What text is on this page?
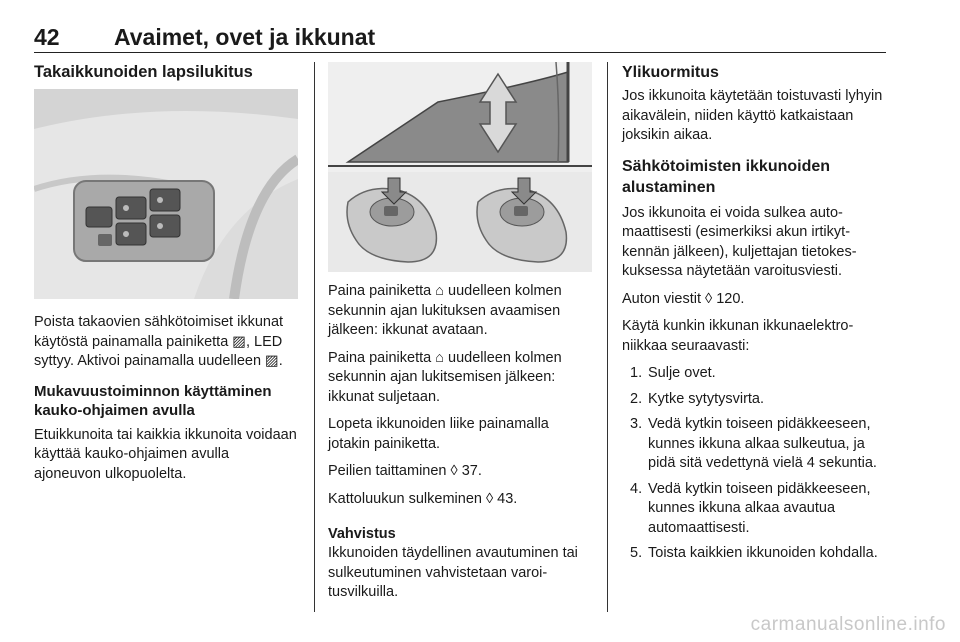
42 Avaimet, ovet ja ikkunat
Takaikkunoiden lapsilukitus

Poista takaovien sähkötoimiset ikkunat käytöstä painamalla painiketta ▨, LED syttyy. Aktivoi painamalla uudelleen ▨.

Mukavuustoiminnon käyttäminen kauko-ohjaimen avulla

Etuikkunoita tai kaikkia ikkunoita voidaan käyttää kauko-ohjaimen avulla ajoneuvon ulkopuolelta.

Paina painiketta ⌂ uudelleen kolmen sekunnin ajan lukituksen avaamisen jälkeen: ikkunat avataan.

Paina painiketta ⌂ uudelleen kolmen sekunnin ajan lukitsemisen jälkeen: ikkunat suljetaan.

Lopeta ikkunoiden liike painamalla jotakin painiketta.

Peilien taittaminen ◊ 37.

Kattoluukun sulkeminen ◊ 43.

Vahvistus

Ikkunoiden täydellinen avautuminen tai sulkeutuminen vahvistetaan varoitusvilkuilla.

Ylikuormitus

Jos ikkunoita käytetään toistuvasti lyhyin aikavälein, niiden käyttö katkaistaan joksikin aikaa.

Sähkötoimisten ikkunoiden alustaminen

Jos ikkunoita ei voida sulkea automaattisesti (esimerkiksi akun irtikytkennän jälkeen), kuljettajan tietokeskuksessa näytetään varoitusviesti.

Auton viestit ◊ 120.

Käytä kunkin ikkunan ikkunaelektroniikkaa seuraavasti:

1. Sulje ovet.
2. Kytke sytytysvirta.
3. Vedä kytkin toiseen pidäkkeeseen, kunnes ikkuna alkaa sulkeutua, ja pidä sitä vedettynä vielä 4 sekuntia.
4. Vedä kytkin toiseen pidäkkeeseen, kunnes ikkuna alkaa avautua automaattisesti.
5. Toista kaikkien ikkunoiden kohdalla.
carmanualsonline.info
